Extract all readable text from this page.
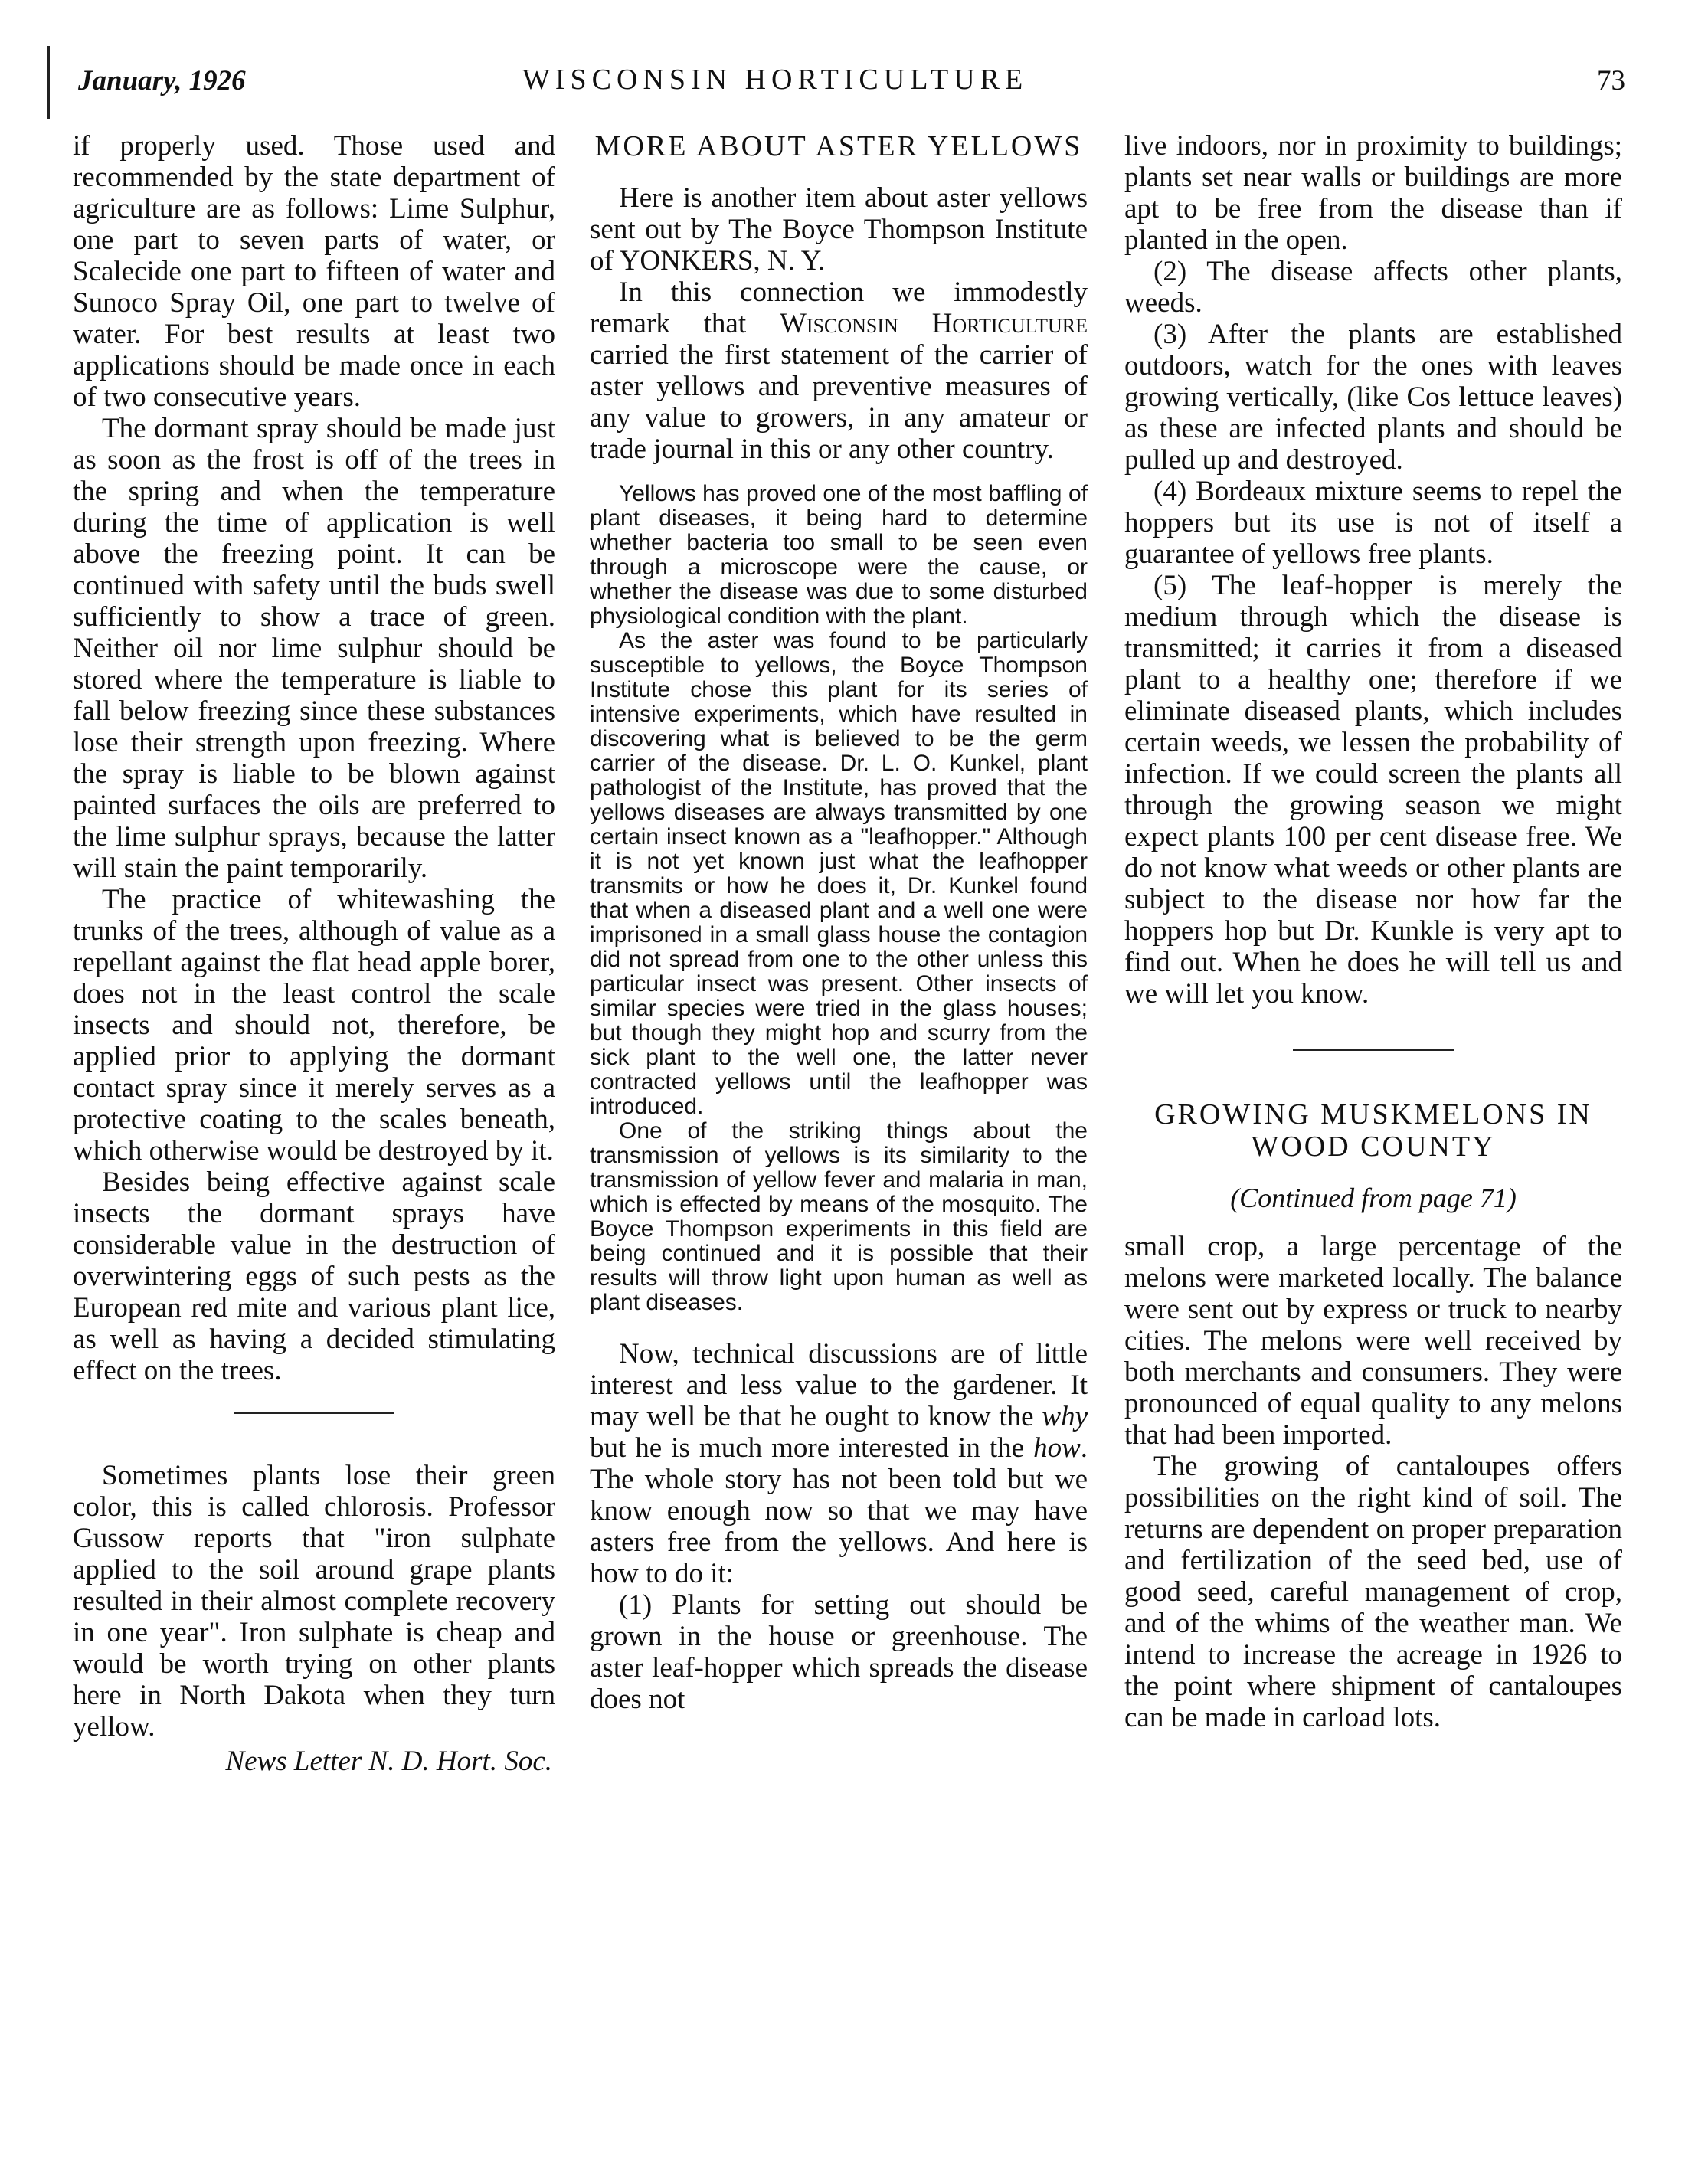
January, 1926	WISCONSIN HORTICULTURE	73

if properly used. Those used and recommended by the state department of agriculture are as follows: Lime Sulphur, one part to seven parts of water, or Scalecide one part to fifteen of water and Sunoco Spray Oil, one part to twelve of water. For best results at least two applications should be made once in each of two consecutive years.

The dormant spray should be made just as soon as the frost is off of the trees in the spring and when the temperature during the time of application is well above the freezing point. It can be continued with safety until the buds swell sufficiently to show a trace of green. Neither oil nor lime sulphur should be stored where the temperature is liable to fall below freezing since these substances lose their strength upon freezing. Where the spray is liable to be blown against painted surfaces the oils are preferred to the lime sulphur sprays, because the latter will stain the paint temporarily.

The practice of whitewashing the trunks of the trees, although of value as a repellant against the flat head apple borer, does not in the least control the scale insects and should not, therefore, be applied prior to applying the dormant contact spray since it merely serves as a protective coating to the scales beneath, which otherwise would be destroyed by it.

Besides being effective against scale insects the dormant sprays have considerable value in the destruction of overwintering eggs of such pests as the European red mite and various plant lice, as well as having a decided stimulating effect on the trees.

Sometimes plants lose their green color, this is called chlorosis. Professor Gussow reports that "iron sulphate applied to the soil around grape plants resulted in their almost complete recovery in one year". Iron sulphate is cheap and would be worth trying on other plants here in North Dakota when they turn yellow.

News Letter N. D. Hort. Soc.
MORE ABOUT ASTER YELLOWS

Here is another item about aster yellows sent out by The Boyce Thompson Institute of YONKERS, N. Y.

In this connection we immodestly remark that Wisconsin Horticulture carried the first statement of the carrier of aster yellows and preventive measures of any value to growers, in any amateur or trade journal in this or any other country.

Yellows has proved one of the most baffling of plant diseases, it being hard to determine whether bacteria too small to be seen even through a microscope were the cause, or whether the disease was due to some disturbed physiological condition with the plant.

As the aster was found to be particularly susceptible to yellows, the Boyce Thompson Institute chose this plant for its series of intensive experiments, which have resulted in discovering what is believed to be the germ carrier of the disease. Dr. L. O. Kunkel, plant pathologist of the Institute, has proved that the yellows diseases are always transmitted by one certain insect known as a "leafhopper." Although it is not yet known just what the leafhopper transmits or how he does it, Dr. Kunkel found that when a diseased plant and a well one were imprisoned in a small glass house the contagion did not spread from one to the other unless this particular insect was present. Other insects of similar species were tried in the glass houses; but though they might hop and scurry from the sick plant to the well one, the latter never contracted yellows until the leafhopper was introduced.

One of the striking things about the transmission of yellows is its similarity to the transmission of yellow fever and malaria in man, which is effected by means of the mosquito. The Boyce Thompson experiments in this field are being continued and it is possible that their results will throw light upon human as well as plant diseases.

Now, technical discussions are of little interest and less value to the gardener. It may well be that he ought to know the why but he is much more interested in the how. The whole story has not been told but we know enough now so that we may have asters free from the yellows. And here is how to do it:

(1) Plants for setting out should be grown in the house or greenhouse. The aster leaf-hopper which spreads the disease does not

live indoors, nor in proximity to buildings; plants set near walls or buildings are more apt to be free from the disease than if planted in the open.

(2) The disease affects other plants, weeds.

(3) After the plants are established outdoors, watch for the ones with leaves growing vertically, (like Cos lettuce leaves) as these are infected plants and should be pulled up and destroyed.

(4) Bordeaux mixture seems to repel the hoppers but its use is not of itself a guarantee of yellows free plants.

(5) The leaf-hopper is merely the medium through which the disease is transmitted; it carries it from a diseased plant to a healthy one; therefore if we eliminate diseased plants, which includes certain weeds, we lessen the probability of infection. If we could screen the plants all through the growing season we might expect plants 100 per cent disease free. We do not know what weeds or other plants are subject to the disease nor how far the hoppers hop but Dr. Kunkle is very apt to find out. When he does he will tell us and we will let you know.

GROWING MUSKMELONS IN WOOD COUNTY
(Continued from page 71)

small crop, a large percentage of the melons were marketed locally. The balance were sent out by express or truck to nearby cities. The melons were well received by both merchants and consumers. They were pronounced of equal quality to any melons that had been imported.

The growing of cantaloupes offers possibilities on the right kind of soil. The returns are dependent on proper preparation and fertilization of the seed bed, use of good seed, careful management of crop, and of the whims of the weather man. We intend to increase the acreage in 1926 to the point where shipment of cantaloupes can be made in carload lots.
